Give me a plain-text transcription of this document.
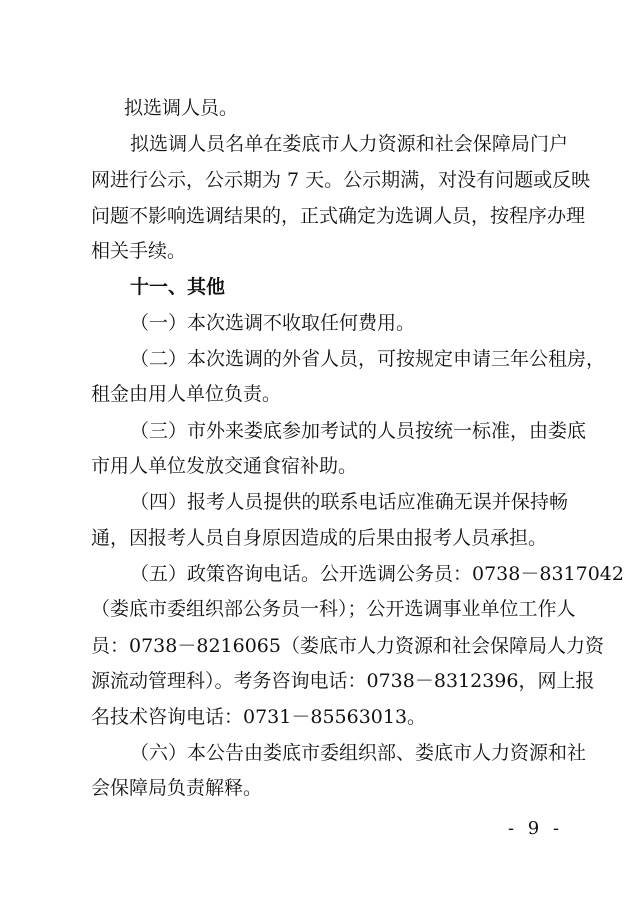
拟选调人员。
拟选调人员名单在娄底市人力资源和社会保障局门户
网进行公示，公示期为 7 天。公示期满，对没有问题或反映
问题不影响选调结果的，正式确定为选调人员，按程序办理
相关手续。
十一、其他
（一）本次选调不收取任何费用。
（二）本次选调的外省人员，可按规定申请三年公租房，
租金由用人单位负责。
（三）市外来娄底参加考试的人员按统一标准，由娄底
市用人单位发放交通食宿补助。
（四）报考人员提供的联系电话应准确无误并保持畅
通，因报考人员自身原因造成的后果由报考人员承担。
（五）政策咨询电话。公开选调公务员：0738－8317042
（娄底市委组织部公务员一科）；公开选调事业单位工作人
员：0738－8216065（娄底市人力资源和社会保障局人力资
源流动管理科）。考务咨询电话：0738－8312396，网上报
名技术咨询电话：0731－85563013。
（六）本公告由娄底市委组织部、娄底市人力资源和社
会保障局负责解释。
- 9 -
